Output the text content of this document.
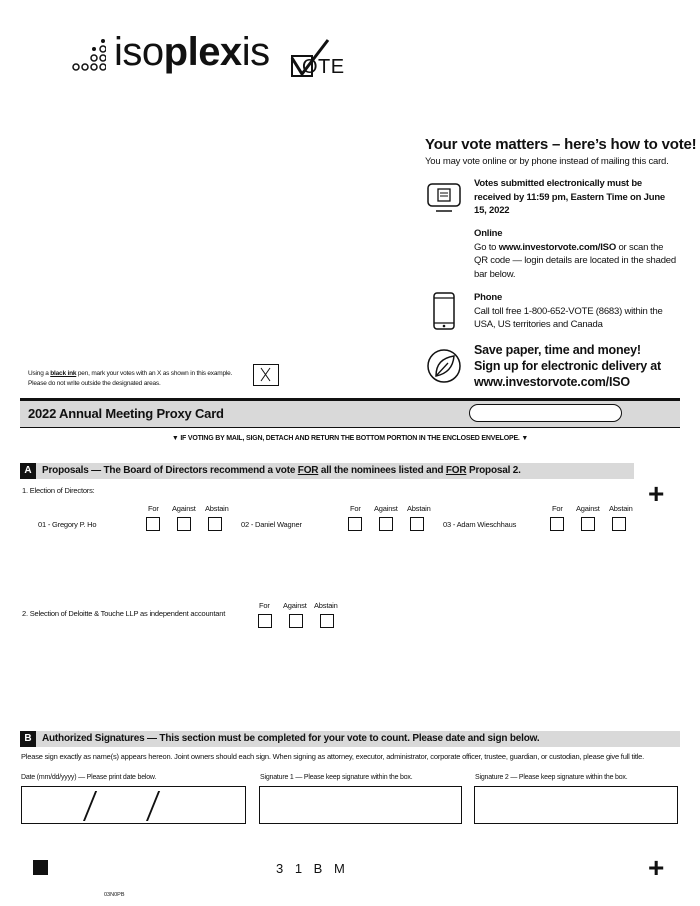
isoplexis OTE
Your vote matters – here’s how to vote!
You may vote online or by phone instead of mailing this card.
Votes submitted electronically must be received by 11:59 pm, Eastern Time on June 15, 2022
Online
Go to www.investorvote.com/ISO or scan the QR code — login details are located in the shaded bar below.
Phone
Call toll free 1-800-652-VOTE (8683) within the USA, US territories and Canada
Save paper, time and money!
Sign up for electronic delivery at
www.investorvote.com/ISO
Using a black ink pen, mark your votes with an X as shown in this example.
Please do not write outside the designated areas.
2022 Annual Meeting Proxy Card
▼ IF VOTING BY MAIL, SIGN, DETACH AND RETURN THE BOTTOM PORTION IN THE ENCLOSED ENVELOPE. ▼
A	Proposals — The Board of Directors recommend a vote FOR all the nominees listed and FOR Proposal 2.
+
1. Election of Directors:
For Against Abstain
01 - Gregory P. Ho
For Against Abstain
02 - Daniel Wagner
For Against Abstain
03 - Adam Wieschhaus
For Against Abstain
2. Selection of Deloitte & Touche LLP as independent accountant
B	Authorized Signatures — This section must be completed for your vote to count. Please date and sign below.
Please sign exactly as name(s) appears hereon. Joint owners should each sign. When signing as attorney, executor, administrator, corporate officer, trustee, guardian, or custodian, please give full title.
Date (mm/dd/yyyy) — Please print date below.	Signature 1 — Please keep signature within the box.	Signature 2 — Please keep signature within the box.
3 1 B M	+
03N0PB
